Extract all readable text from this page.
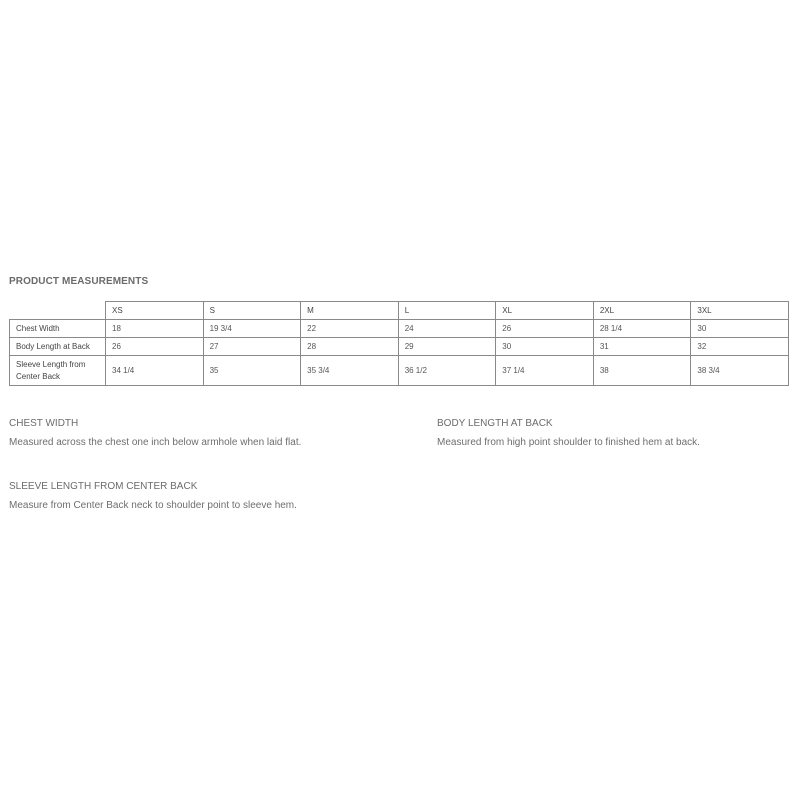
PRODUCT MEASUREMENTS
	XS	S	M	L	XL	2XL	3XL
Chest Width	18	19 3/4	22	24	26	28 1/4	30
Body Length at Back	26	27	28	29	30	31	32
Sleeve Length from Center Back	34 1/4	35	35 3/4	36 1/2	37 1/4	38	38 3/4
CHEST WIDTH
Measured across the chest one inch below armhole when laid flat.
BODY LENGTH AT BACK
Measured from high point shoulder to finished hem at back.
SLEEVE LENGTH FROM CENTER BACK
Measure from Center Back neck to shoulder point to sleeve hem.
